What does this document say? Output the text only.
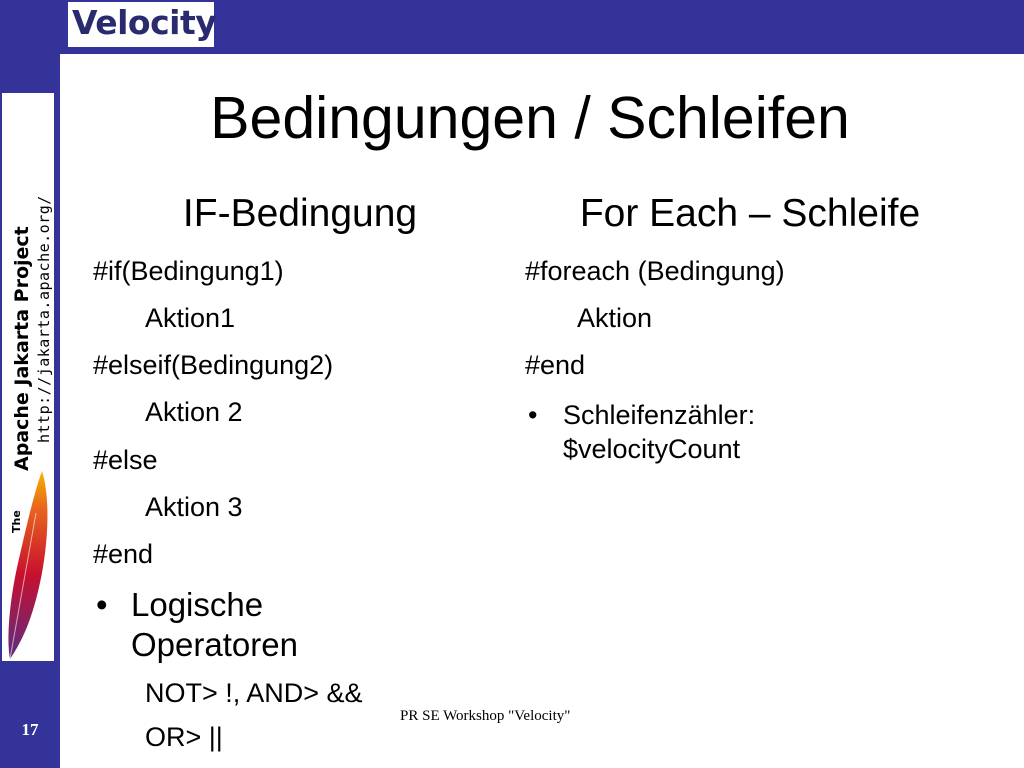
Velocity
The
Apache Jakarta Project http://jakarta.apache.org/
17
Bedingungen / Schleifen
IF-Bedingung
#if(Bedingung1)
Aktion1
#elseif(Bedingung2)
Aktion 2
#else
Aktion 3
#end
• Logische
Operatoren
NOT> !, AND> &&
OR> ||
For Each – Schleife
#foreach (Bedingung)
Aktion
#end
• Schleifenzähler:
$velocityCount
PR SE Workshop "Velocity"
